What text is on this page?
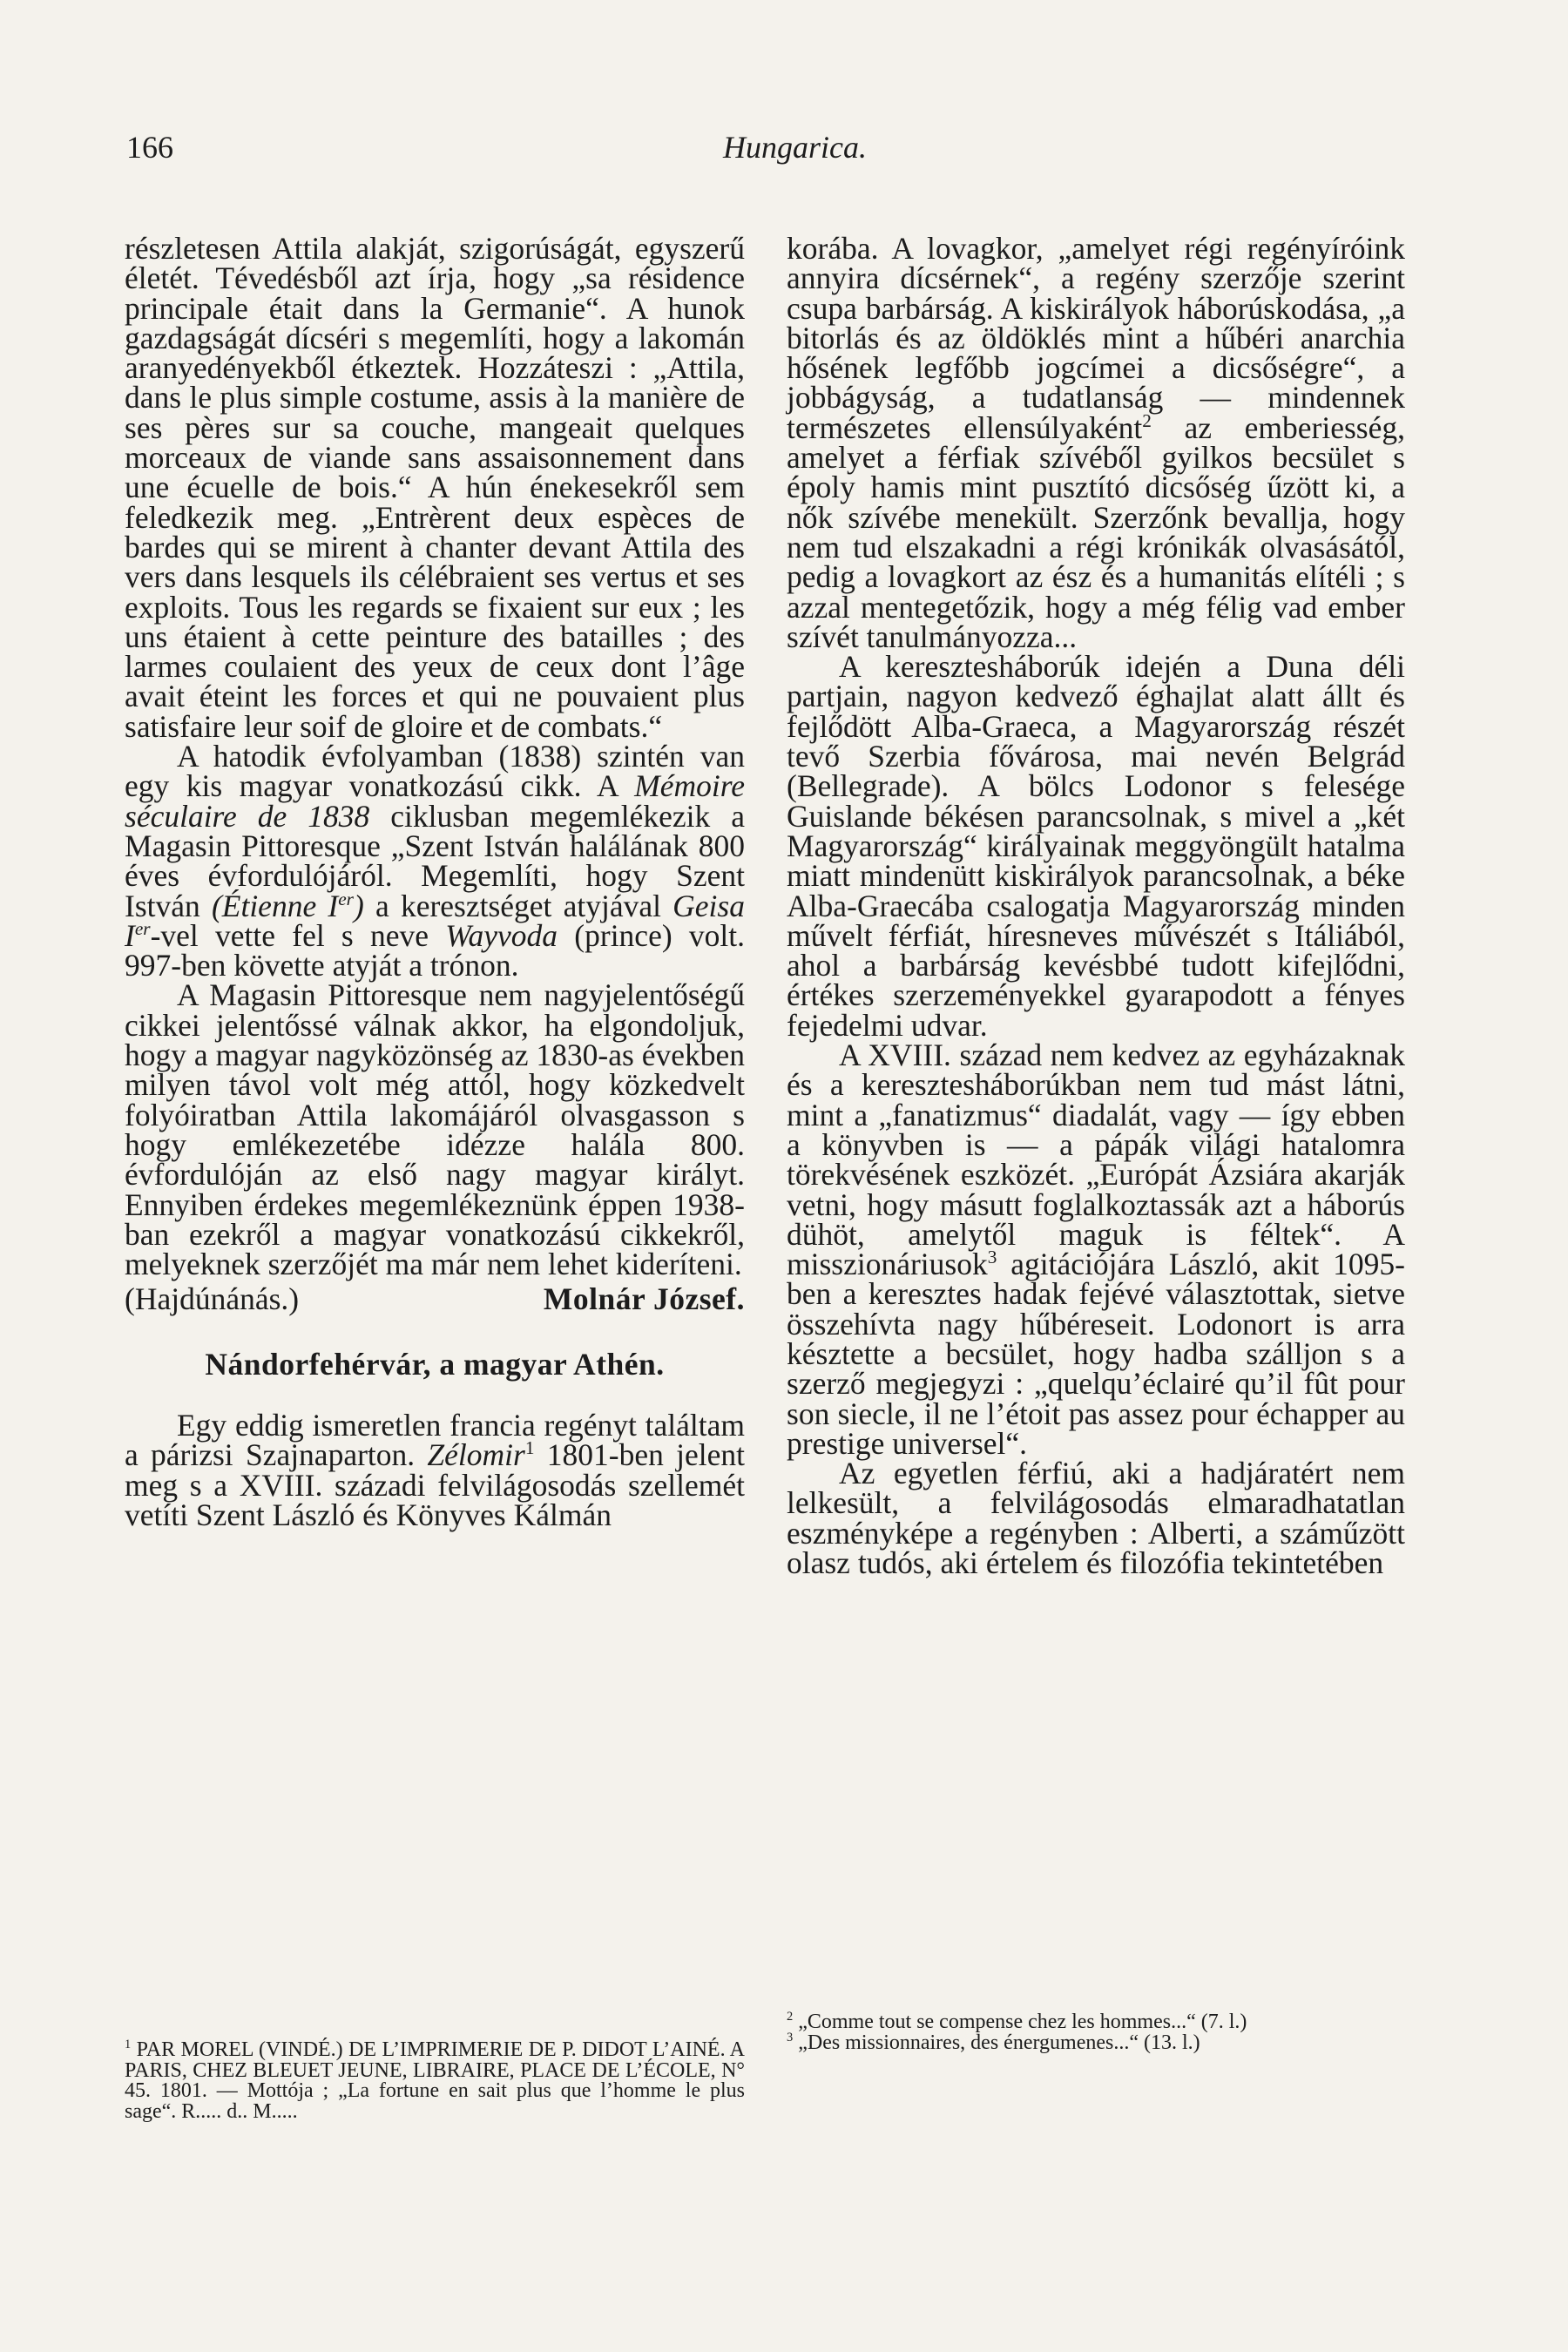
166	Hungarica.

részletesen Attila alakját, szigorúságát, egyszerű életét. Tévedésből azt írja, hogy „sa résidence principale était dans la Germanie“. A hunok gazdagságát dícséri s megemlíti, hogy a lakomán aranyedényekből étkeztek. Hozzáteszi : „Attila, dans le plus simple costume, assis à la manière de ses pères sur sa couche, mangeait quelques morceaux de viande sans assaisonnement dans une écuelle de bois.“ A hún énekesekről sem feledkezik meg. „Entrèrent deux espèces de bardes qui se mirent à chanter devant Attila des vers dans lesquels ils célébraient ses vertus et ses exploits. Tous les regards se fixaient sur eux ; les uns étaient à cette peinture des batailles ; des larmes coulaient des yeux de ceux dont l’âge avait éteint les forces et qui ne pouvaient plus satisfaire leur soif de gloire et de combats.“

A hatodik évfolyamban (1838) szintén van egy kis magyar vonatkozású cikk. A Mémoire séculaire de 1838 ciklusban megemlékezik a Magasin Pittoresque „Szent István halálának 800 éves évfordulójáról. Megemlíti, hogy Szent István (Étienne Ier) a keresztséget atyjával Geisa Ier-vel vette fel s neve Wayvoda (prince) volt. 997-ben követte atyját a trónon.

A Magasin Pittoresque nem nagyjelentőségű cikkei jelentőssé válnak akkor, ha elgondoljuk, hogy a magyar nagyközönség az 1830-as években milyen távol volt még attól, hogy közkedvelt folyóiratban Attila lakomájáról olvasgasson s hogy emlékezetébe idézze halála 800. évfordulóján az első nagy magyar királyt. Ennyiben érdekes megemlékeznünk éppen 1938-ban ezekről a magyar vonatkozású cikkekről, melyeknek szerzőjét ma már nem lehet kideríteni.

(Hajdúnánás.)	Molnár József.
Nándorfehérvár, a magyar Athén.

Egy eddig ismeretlen francia regényt találtam a párizsi Szajnaparton. Zélomir$^1$ 1801-ben jelent meg s a XVIII. századi felvilágosodás szellemét vetíti Szent László és Könyves Kálmán

$^1$ PAR MOREL (VINDÉ.) DE L’IMPRIMERIE DE P. DIDOT L’AINÉ. A PARIS, CHEZ BLEUET JEUNE, LIBRAIRE, PLACE DE L’ÉCOLE, N° 45. 1801. — Mottója ; „La fortune en sait plus que l’homme le plus sage“. R..... d.. M.....

korába. A lovagkor, „amelyet régi regényíróink annyira dícsérnek“, a regény szerzője szerint csupa barbárság. A kiskirályok háborúskodása, „a bitorlás és az öldöklés mint a hűbéri anarchia hősének legfőbb jogcímei a dicsőségre“, a jobbágyság, a tudatlanság — mindennek természetes ellensúlyaként$^2$ az emberiesség, amelyet a férfiak szívéből gyilkos becsület s époly hamis mint pusztító dicsőség űzött ki, a nők szívébe menekült. Szerzőnk bevallja, hogy nem tud elszakadni a régi krónikák olvasásától, pedig a lovagkort az ész és a humanitás elítéli ; s azzal mentegetőzik, hogy a még félig vad ember szívét tanulmányozza...

A keresztesháborúk idején a Duna déli partjain, nagyon kedvező éghajlat alatt állt és fejlődött Alba-Graeca, a Magyarország részét tevő Szerbia fővárosa, mai nevén Belgrád (Bellegrade). A bölcs Lodonor s felesége Guislande békésen parancsolnak, s mivel a „két Magyarország“ királyainak meggyöngült hatalma miatt mindenütt kiskirályok parancsolnak, a béke Alba-Graecába csalogatja Magyarország minden művelt férfiát, híresneves művészét s Itáliából, ahol a barbárság kevésbbé tudott kifejlődni, értékes szerzeményekkel gyarapodott a fényes fejedelmi udvar.

A XVIII. század nem kedvez az egyházaknak és a keresztesháborúkban nem tud mást látni, mint a „fanatizmus“ diadalát, vagy — így ebben a könyvben is — a pápák világi hatalomra törekvésének eszközét. „Európát Ázsiára akarják vetni, hogy másutt foglalkoztassák azt a háborús dühöt, amelytől maguk is féltek“. A misszionáriusok$^3$ agitációjára László, akit 1095-ben a keresztes hadak fejévé választottak, sietve összehívta nagy hűbéreseit. Lodonort is arra késztette a becsület, hogy hadba szálljon s a szerző megjegyzi : „quelqu’éclairé qu’il fût pour son siecle, il ne l’étoit pas assez pour échapper au prestige universel“.

Az egyetlen férfiú, aki a hadjáratért nem lelkesült, a felvilágosodás elmaradhatatlan eszményképe a regényben : Alberti, a száműzött olasz tudós, aki értelem és filozófia tekintetében

$^2$ „Comme tout se compense chez les hommes...“ (7. l.)
$^3$ „Des missionnaires, des énergumenes...“ (13. l.)
